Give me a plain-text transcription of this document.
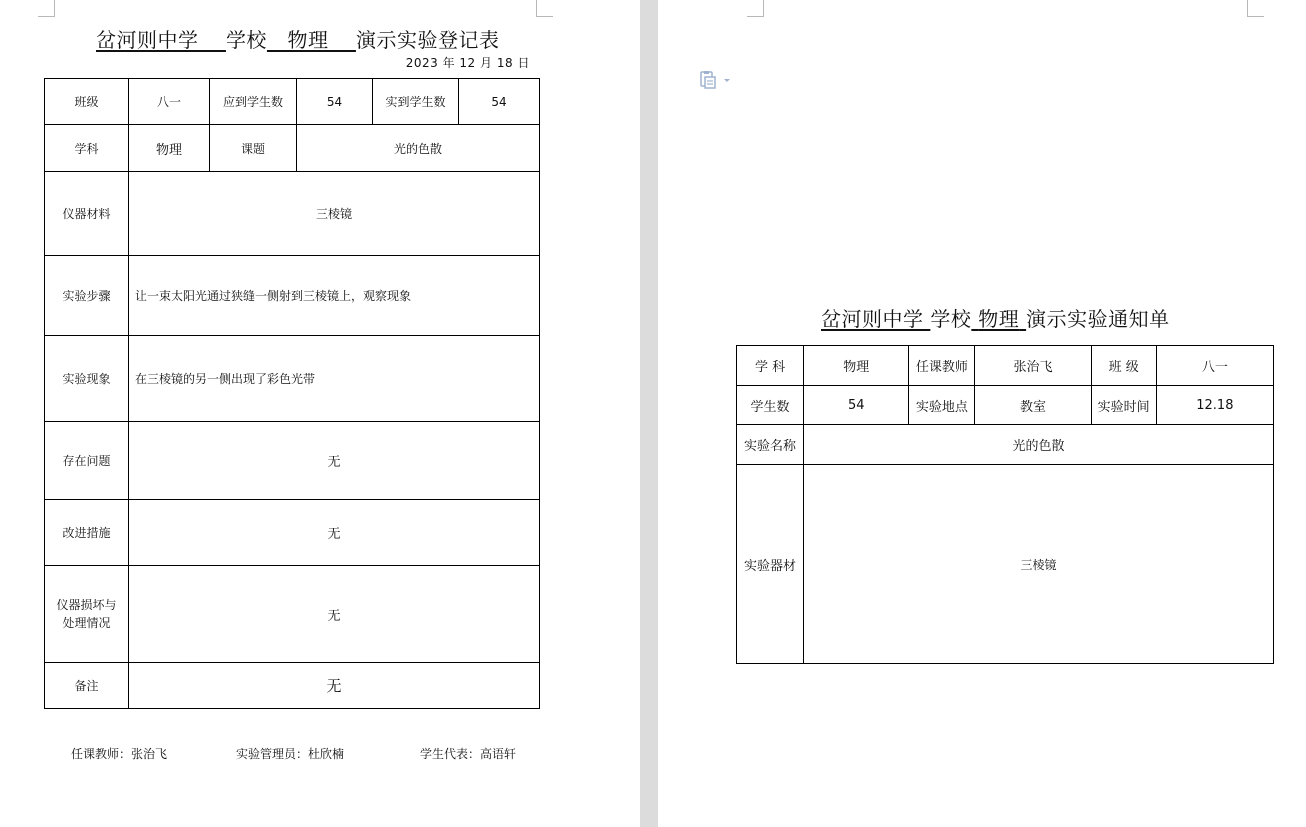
岔河则中学 学校 物理 演示实验登记表
2023 年 12 月 18 日
班级	八一	应到学生数	54	实到学生数	54
学科	物理	课题	光的色散		
仪器材料	三棱镜				
实验步骤	让一束太阳光通过狭缝一侧射到三棱镜上，观察现象				
实验现象	在三棱镜的另一侧出现了彩色光带				
存在问题	无				
改进措施	无				
仪器损坏与
处理情况	无				
备注	无				
任课教师：张治飞	实验管理员：杜欣楠	学生代表：高语轩
岔河则中学 学校 物理 演示实验通知单
学 科	物理	任课教师	张治飞	班 级	八一
学生数	54	实验地点	教室	实验时间	12.18
实验名称	光的色散				
实验器材	三棱镜				
